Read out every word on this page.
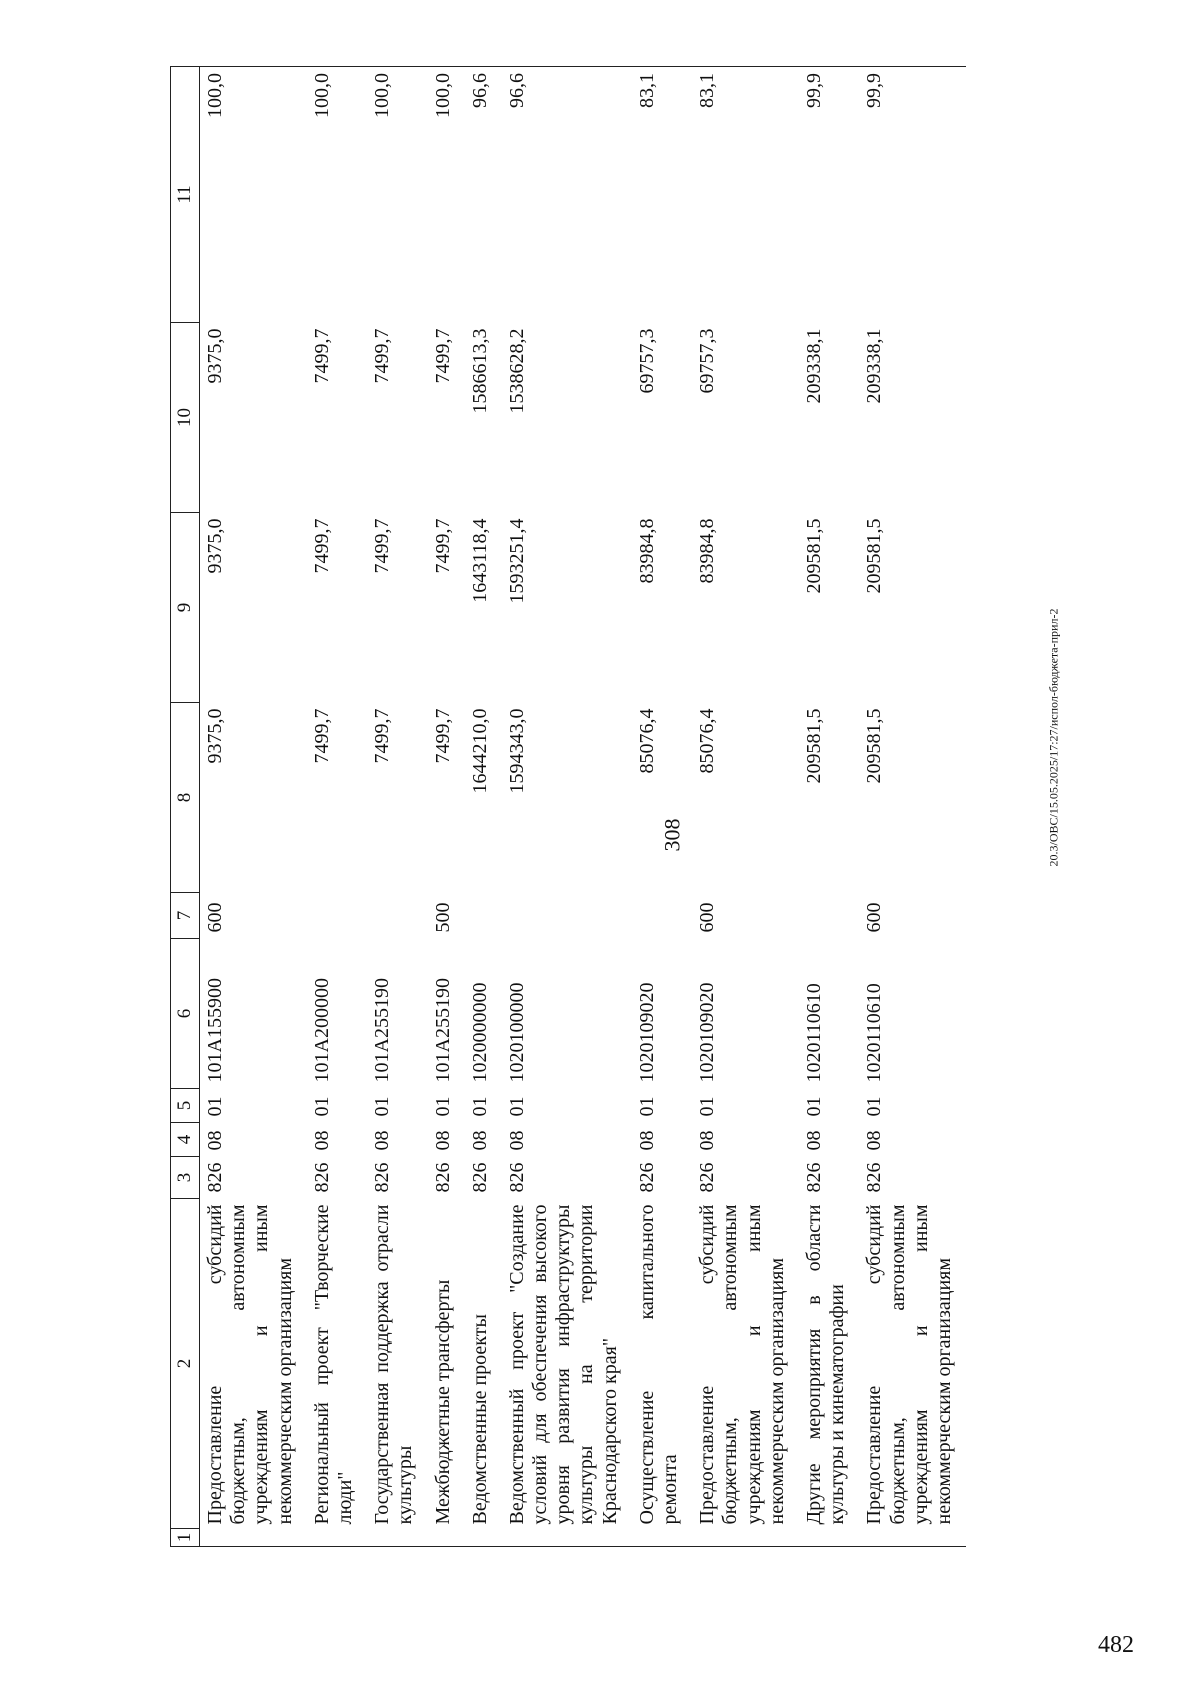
308	20.3/ОВС/15.05.2025/17:27/испол-бюджета-прил-2
482
1	2	3	4	5	6	7	8	9	10	11
	Предоставление субсидий бюджетным, автономным учреждениям и иным некоммерческим организациям	826	08	01	101А155900	600	9375,0	9375,0	9375,0	100,0
	Региональный проект "Творческие люди"	826	08	01	101А200000		7499,7	7499,7	7499,7	100,0
	Государственная поддержка отрасли культуры	826	08	01	101А255190		7499,7	7499,7	7499,7	100,0
	Межбюджетные трансферты	826	08	01	101А255190	500	7499,7	7499,7	7499,7	100,0
	Ведомственные проекты	826	08	01	1020000000		1644210,0	1643118,4	1586613,3	96,6
	Ведомственный проект "Создание условий для обеспечения высокого уровня развития инфраструктуры культуры на территории Краснодарского края"	826	08	01	1020100000		1594343,0	1593251,4	1538628,2	96,6
	Осуществление капитального ремонта	826	08	01	1020109020		85076,4	83984,8	69757,3	83,1
	Предоставление субсидий бюджетным, автономным учреждениям и иным некоммерческим организациям	826	08	01	1020109020	600	85076,4	83984,8	69757,3	83,1
	Другие мероприятия в области культуры и кинематографии	826	08	01	1020110610		209581,5	209581,5	209338,1	99,9
	Предоставление субсидий бюджетным, автономным учреждениям и иным некоммерческим организациям	826	08	01	1020110610	600	209581,5	209581,5	209338,1	99,9
